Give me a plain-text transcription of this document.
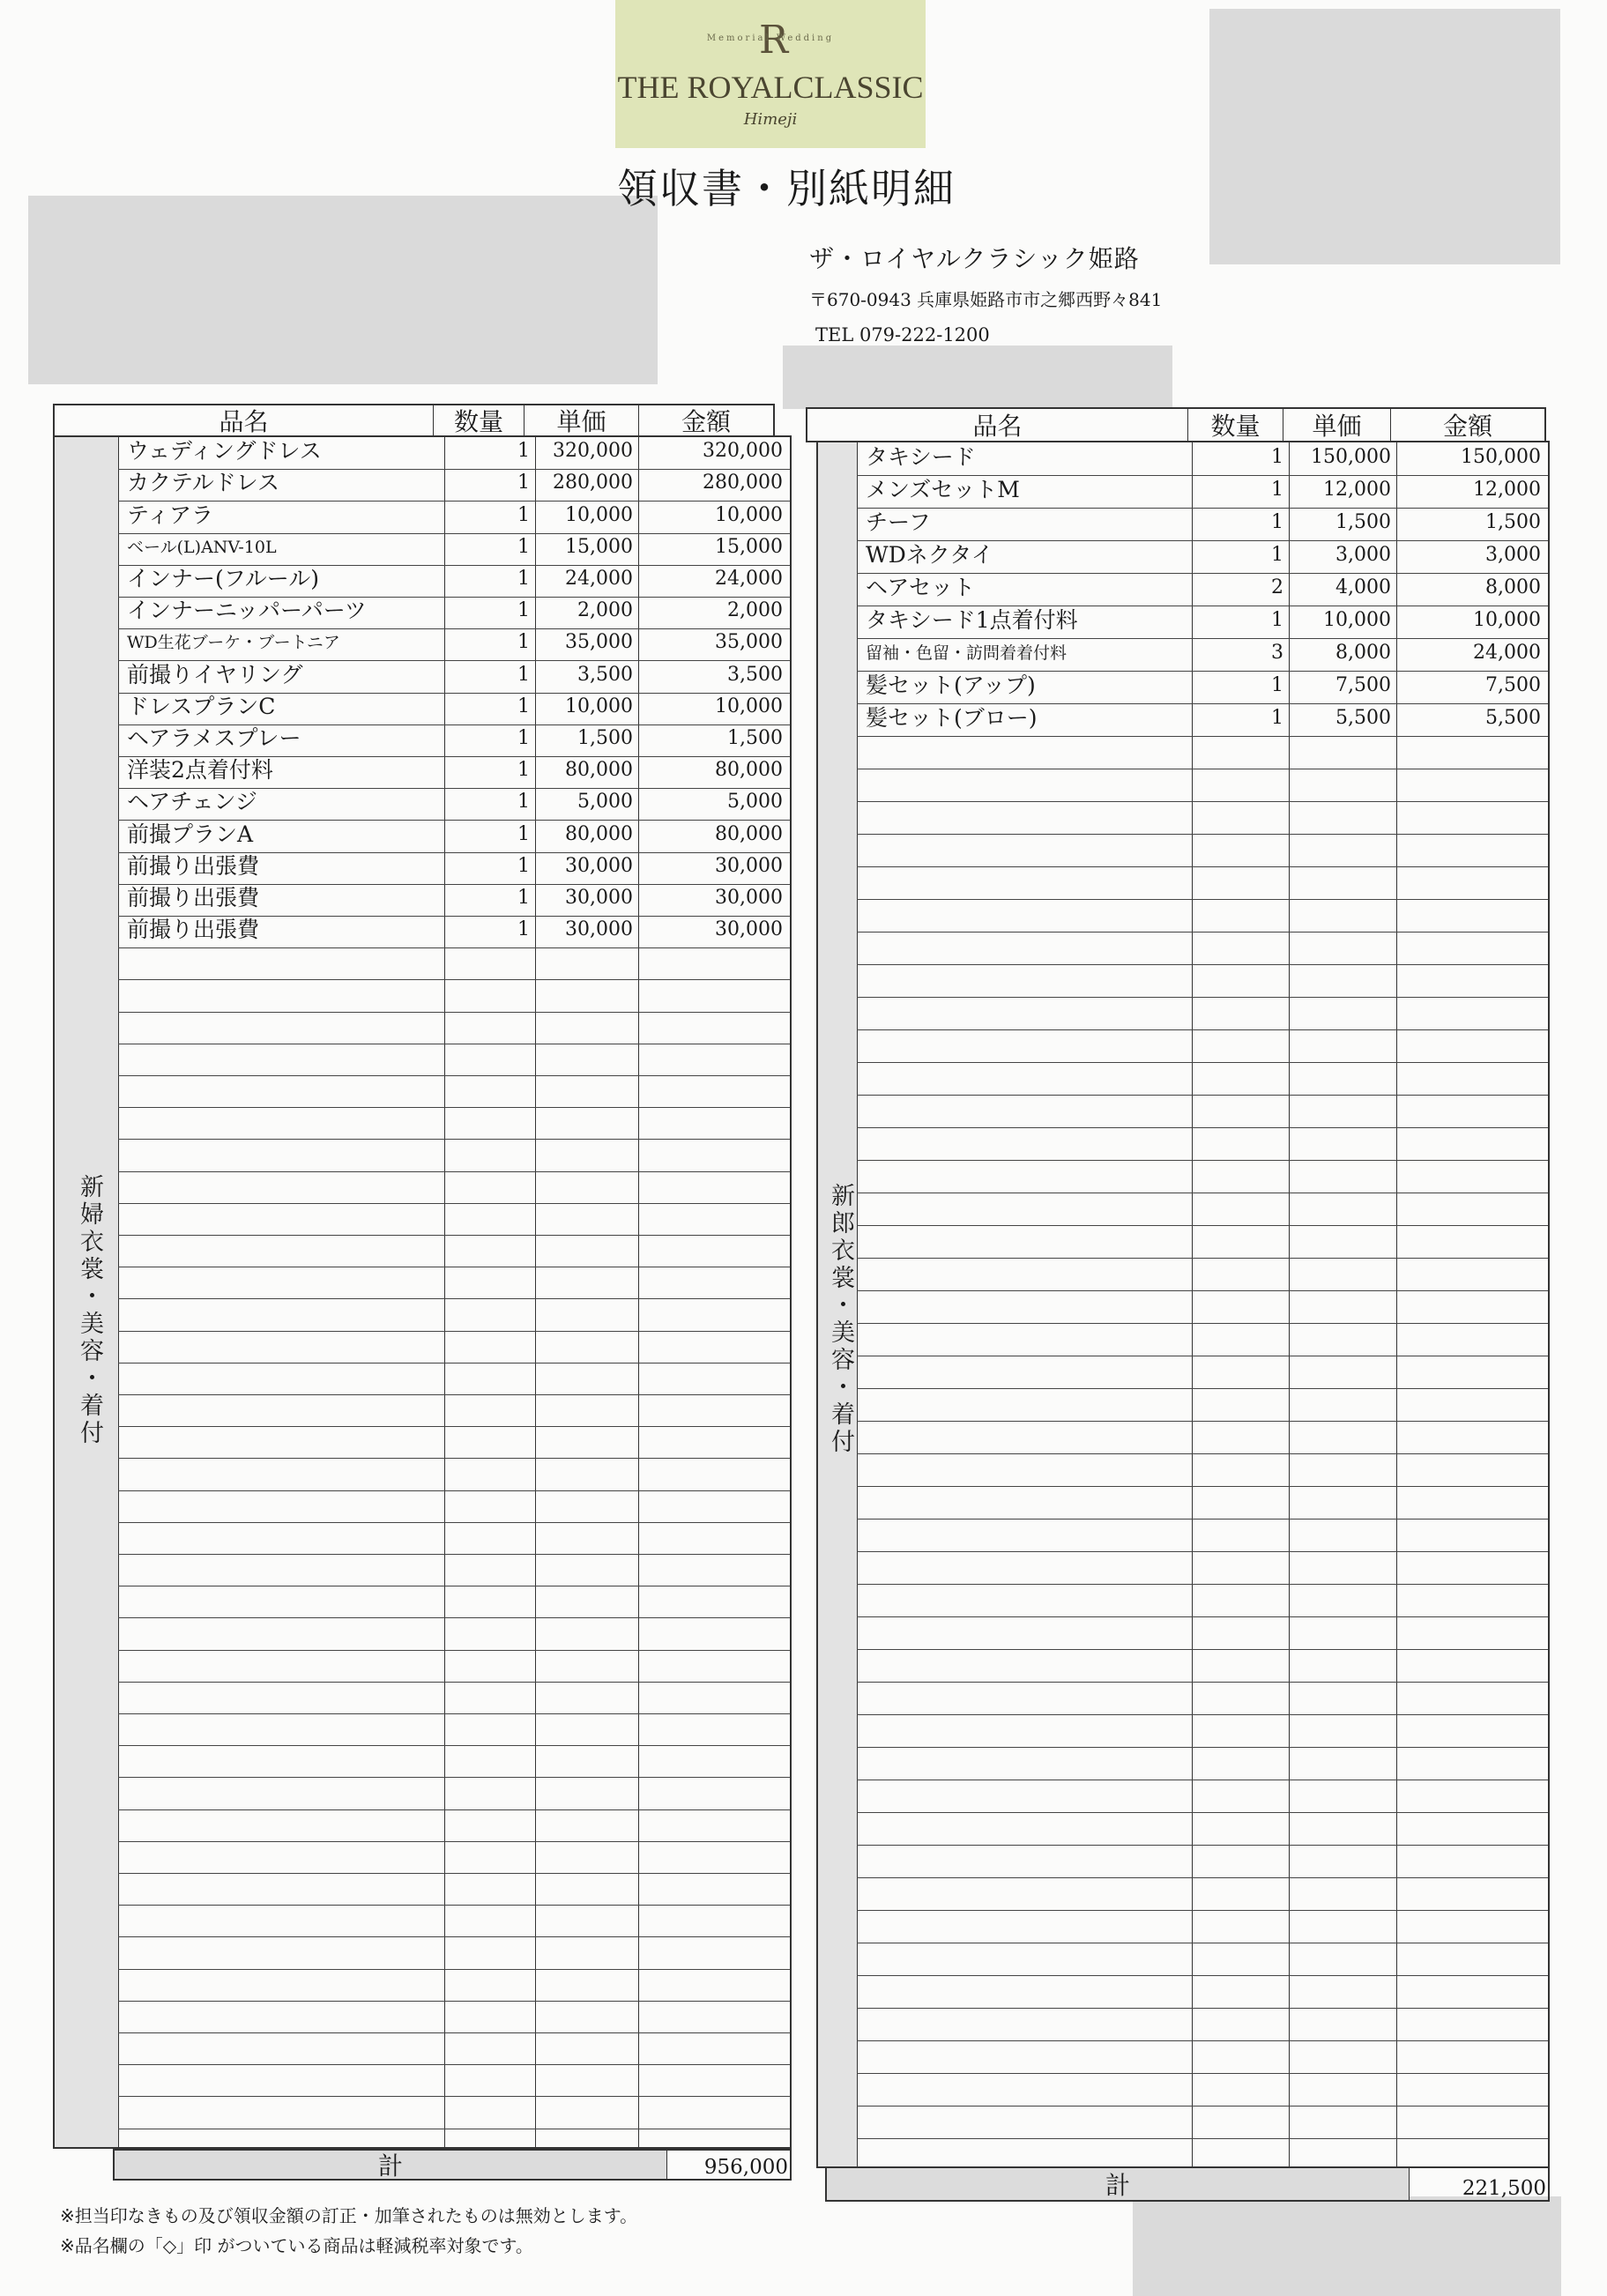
R
Memorial Wedding
THE ROYALCLASSIC
Himeji
領収書・別紙明細
ザ・ロイヤルクラシック姫路
〒670-0943 兵庫県姫路市市之郷西野々841
TEL 079-222-1200
品名	数量	単価	金額
新婦衣裳・美容・着付
ウェディングドレス	1	320,000	320,000
カクテルドレス	1	280,000	280,000
ティアラ	1	10,000	10,000
ベール(L)ANV-10L	1	15,000	15,000
インナー(フルール)	1	24,000	24,000
インナーニッパーパーツ	1	2,000	2,000
WD生花ブーケ・ブートニア	1	35,000	35,000
前撮りイヤリング	1	3,500	3,500
ドレスプランC	1	10,000	10,000
ヘアラメスプレー	1	1,500	1,500
洋装2点着付料	1	80,000	80,000
ヘアチェンジ	1	5,000	5,000
前撮プランA	1	80,000	80,000
前撮り出張費	1	30,000	30,000
前撮り出張費	1	30,000	30,000
前撮り出張費	1	30,000	30,000
計	956,000
品名	数量	単価	金額
新郎衣裳・美容・着付
タキシード	1	150,000	150,000
メンズセットM	1	12,000	12,000
チーフ	1	1,500	1,500
WDネクタイ	1	3,000	3,000
ヘアセット	2	4,000	8,000
タキシード1点着付料	1	10,000	10,000
留袖・色留・訪問着着付料	3	8,000	24,000
髪セット(アップ)	1	7,500	7,500
髪セット(ブロー)	1	5,500	5,500
計	221,500
※担当印なきもの及び領収金額の訂正・加筆されたものは無効とします。
※品名欄の「◇」印 がついている商品は軽減税率対象です。
